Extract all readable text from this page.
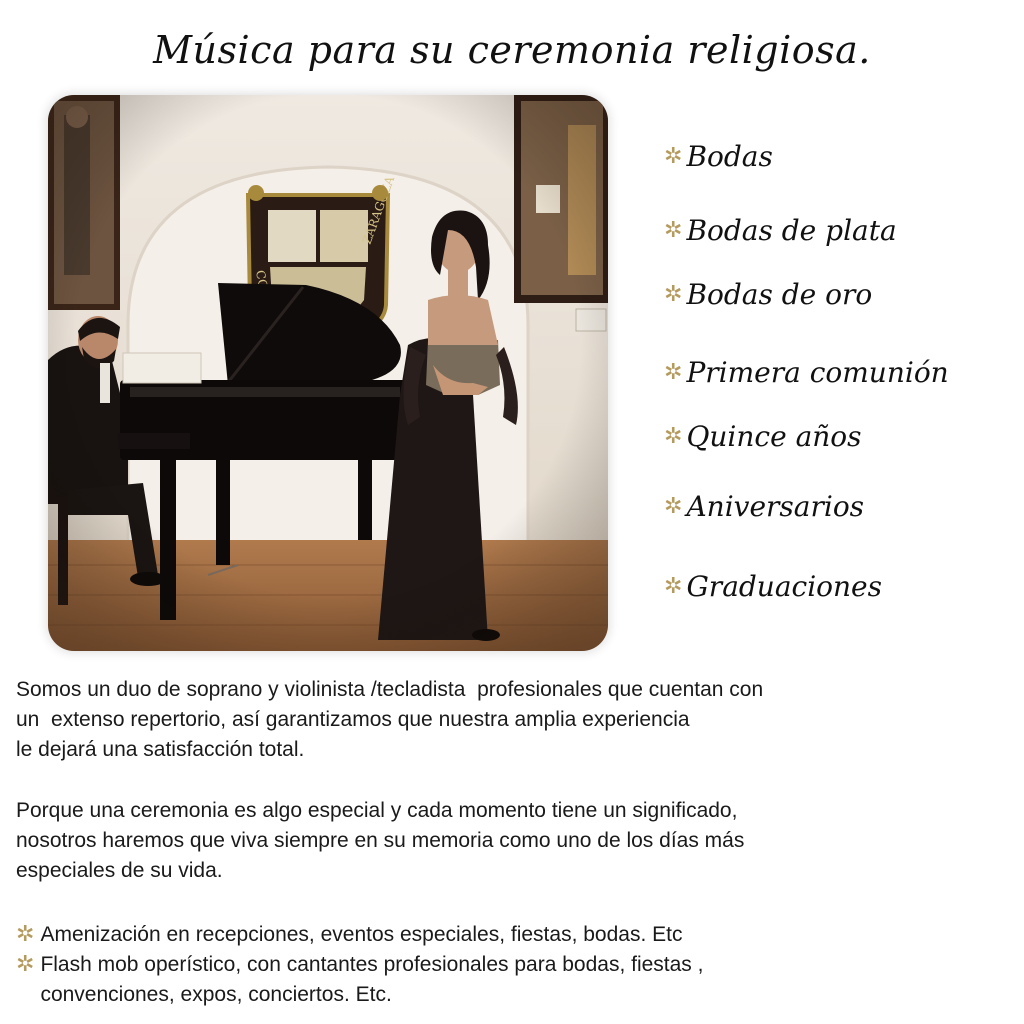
Música para su ceremonia religiosa.
✲ Bodas
✲ Bodas de plata
✲ Bodas de oro
✲ Primera comunión
✲ Quince años
✲ Aniversarios
✲ Graduaciones
Somos un duo de soprano y violinista /tecladista  profesionales que cuentan con
un  extenso repertorio, así garantizamos que nuestra amplia experiencia
le dejará una satisfacción total.
Porque una ceremonia es algo especial y cada momento tiene un significado,
nosotros haremos que viva siempre en su memoria como uno de los días más
especiales de su vida.
✲ Amenización en recepciones, eventos especiales, fiestas, bodas. Etc
✲ Flash mob operístico, con cantantes profesionales para bodas, fiestas ,
convenciones, expos, conciertos. Etc.
